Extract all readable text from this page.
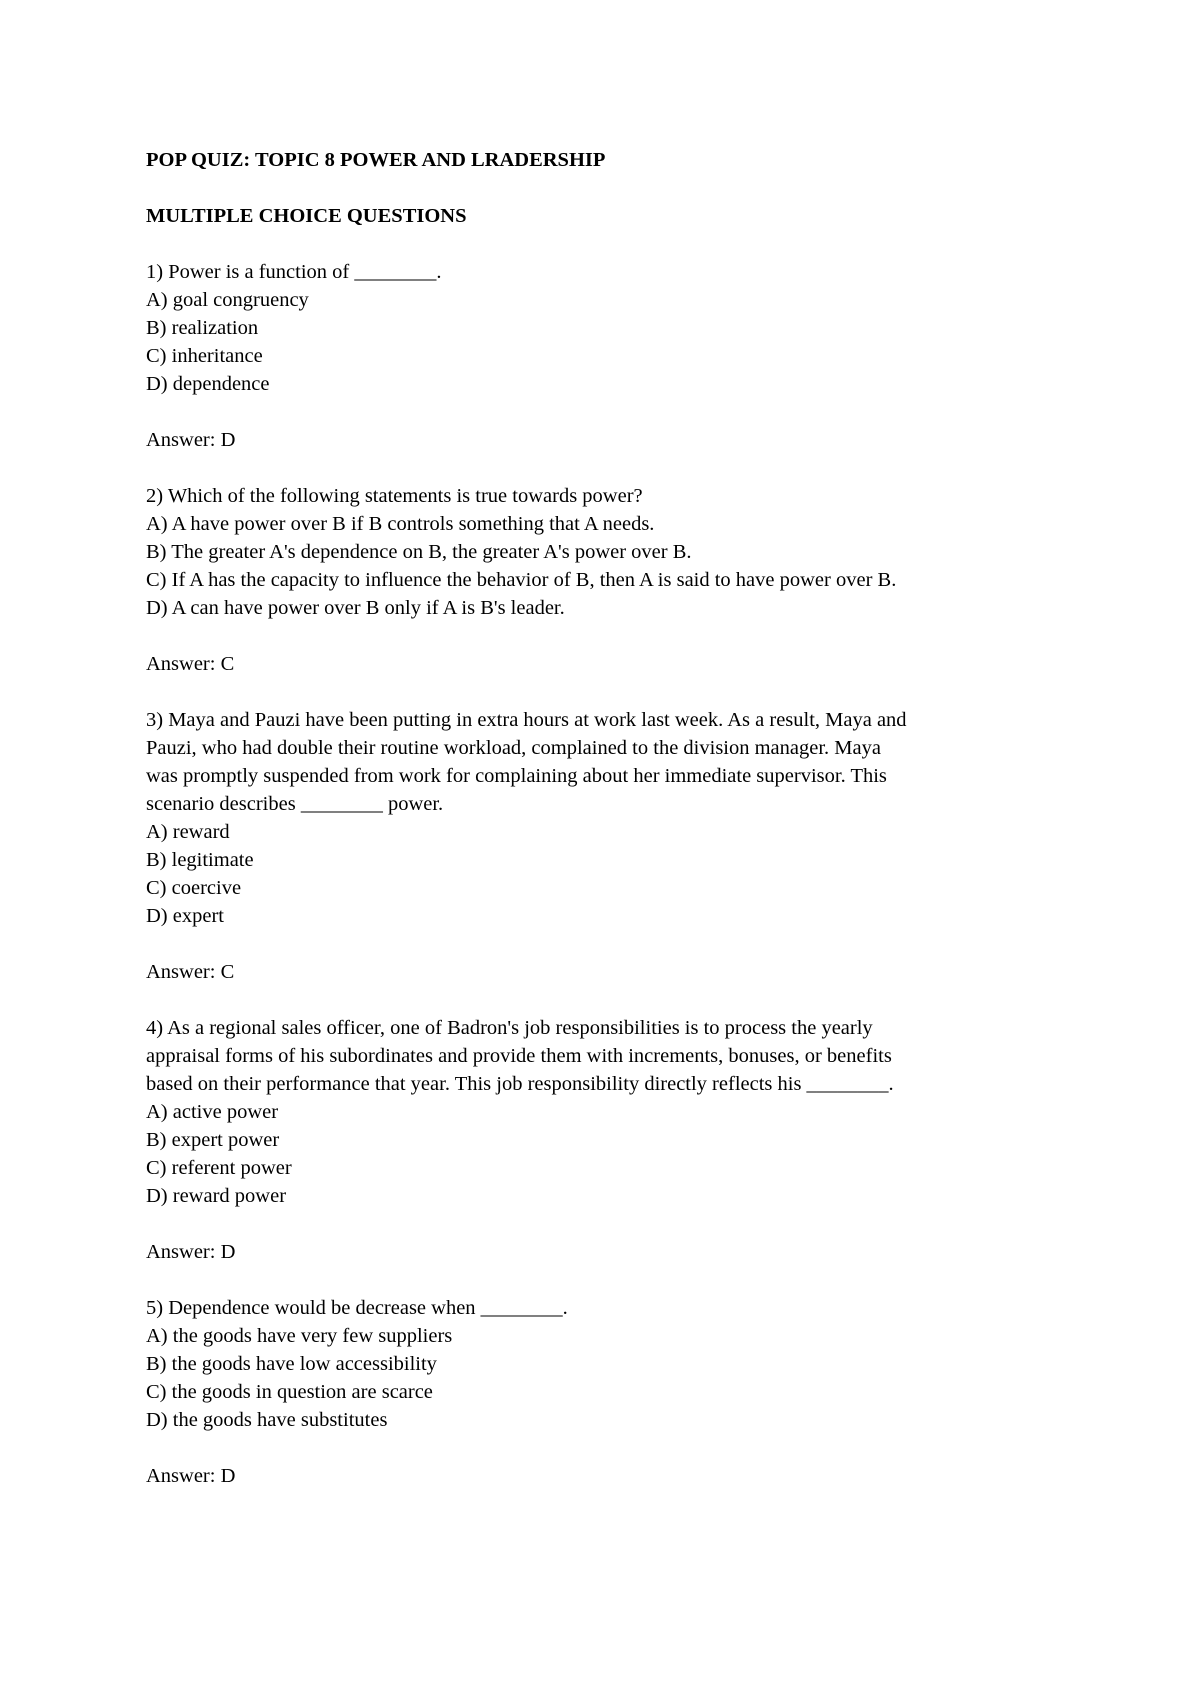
POP QUIZ: TOPIC 8 POWER AND LRADERSHIP
MULTIPLE CHOICE QUESTIONS
1) Power is a function of ________.
A) goal congruency
B) realization
C) inheritance
D) dependence
Answer: D
2) Which of the following statements is true towards power?
A) A have power over B if B controls something that A needs.
B) The greater A's dependence on B, the greater A's power over B.
C) If A has the capacity to influence the behavior of B, then A is said to have power over B.
D) A can have power over B only if A is B's leader.
Answer: C
3) Maya and Pauzi have been putting in extra hours at work last week. As a result, Maya and
Pauzi, who had double their routine workload, complained to the division manager. Maya
was promptly suspended from work for complaining about her immediate supervisor. This
scenario describes ________ power.
A) reward
B) legitimate
C) coercive
D) expert
Answer: C
4) As a regional sales officer, one of Badron's job responsibilities is to process the yearly
appraisal forms of his subordinates and provide them with increments, bonuses, or benefits
based on their performance that year. This job responsibility directly reflects his ________.
A) active power
B) expert power
C) referent power
D) reward power
Answer: D
5) Dependence would be decrease when ________.
A) the goods have very few suppliers
B) the goods have low accessibility
C) the goods in question are scarce
D) the goods have substitutes
Answer: D
